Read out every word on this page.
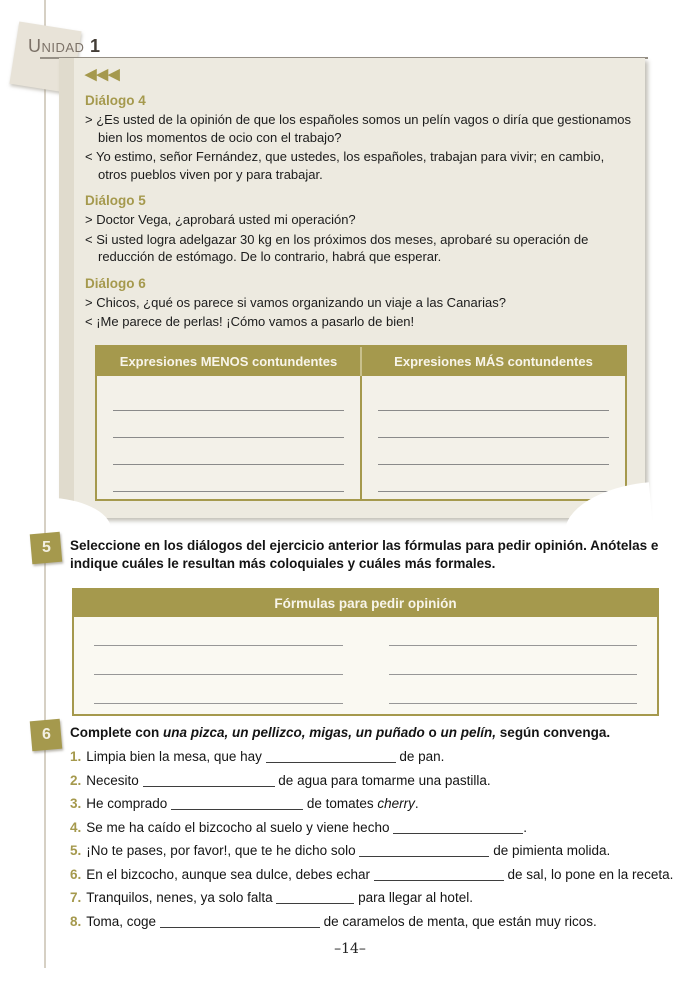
Unidad 1
◀◀◀
Diálogo 4

> ¿Es usted de la opinión de que los españoles somos un pelín vagos o diría que gestionamos bien los momentos de ocio con el trabajo?

< Yo estimo, señor Fernández, que ustedes, los españoles, trabajan para vivir; en cambio, otros pueblos viven por y para trabajar.

Diálogo 5

> Doctor Vega, ¿aprobará usted mi operación?

< Si usted logra adelgazar 30 kg en los próximos dos meses, aprobaré su operación de reducción de estómago. De lo contrario, habrá que esperar.

Diálogo 6

> Chicos, ¿qué os parece si vamos organizando un viaje a las Canarias?

< ¡Me parece de perlas! ¡Cómo vamos a pasarlo de bien!

Expresiones MENOS contundentes	Expresiones MÁS contundentes
5 Seleccione en los diálogos del ejercicio anterior las fórmulas para pedir opinión. Anótelas e indique cuáles le resultan más coloquiales y cuáles más formales.
Fórmulas para pedir opinión
6 Complete con una pizca, un pellizco, migas, un puñado o un pelín, según convenga.
1. Limpia bien la mesa, que hay	de pan.
2. Necesito	de agua para tomarme una pastilla.
3. He comprado	de tomates cherry.
4. Se me ha caído el bizcocho al suelo y viene hecho	.
5. ¡No te pases, por favor!, que te he dicho solo	de pimienta molida.
6. En el bizcocho, aunque sea dulce, debes echar	de sal, lo pone en la receta.
7. Tranquilos, nenes, ya solo falta	para llegar al hotel.
8. Toma, coge	de caramelos de menta, que están muy ricos.
–14–
